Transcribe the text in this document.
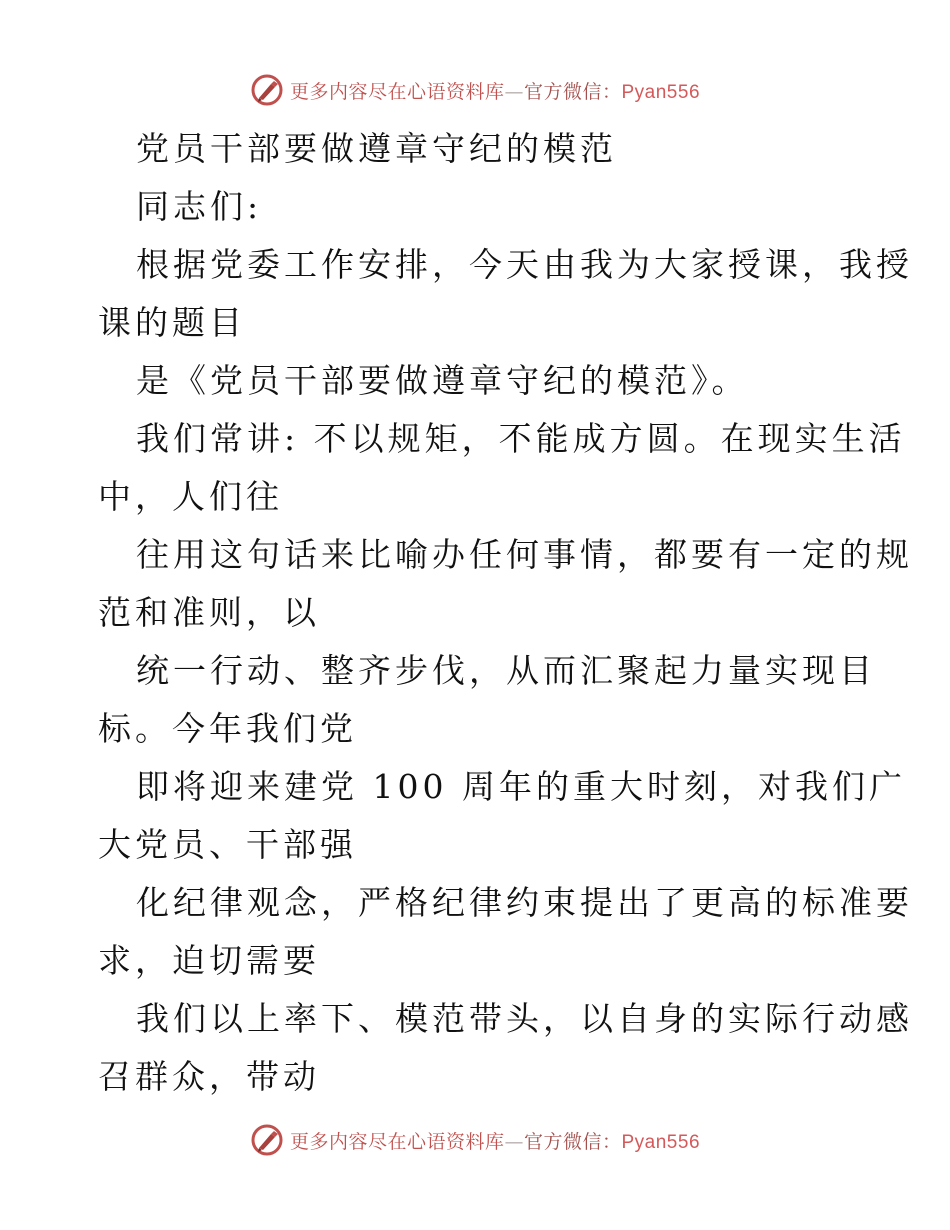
更多内容尽在心语资料库—官方微信：Pyan556
党员干部要做遵章守纪的模范
同志们:
根据党委工作安排，今天由我为大家授课，我授
课的题目
是《党员干部要做遵章守纪的模范》。
我们常讲: 不以规矩，不能成方圆。在现实生活
中，人们往
往用这句话来比喻办任何事情，都要有一定的规
范和准则，以
统一行动、整齐步伐，从而汇聚起力量实现目
标。今年我们党
即将迎来建党 100 周年的重大时刻，对我们广
大党员、干部强
化纪律观念，严格纪律约束提出了更高的标准要
求，迫切需要
我们以上率下、模范带头，以自身的实际行动感
召群众，带动
更多内容尽在心语资料库—官方微信：Pyan556
